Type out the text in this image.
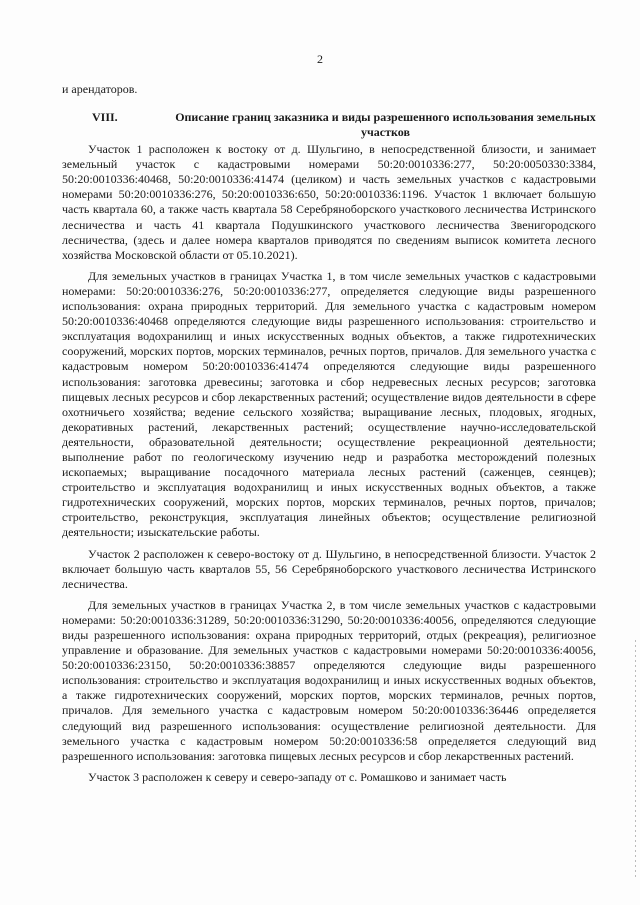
2

и арендаторов.

VIII.	Описание границ заказника и виды разрешенного использования земельных участков

Участок 1 расположен к востоку от д. Шульгино, в непосредственной близости, и занимает земельный участок с кадастровыми номерами 50:20:0010336:277, 50:20:0050330:3384, 50:20:0010336:40468, 50:20:0010336:41474 (целиком) и часть земельных участков с кадастровыми номерами 50:20:0010336:276, 50:20:0010336:650, 50:20:0010336:1196. Участок 1 включает большую часть квартала 60, а также часть квартала 58 Серебряноборского участкового лесничества Истринского лесничества и часть 41 квартала Подушкинского участкового лесничества Звенигородского лесничества, (здесь и далее номера кварталов приводятся по сведениям выписок комитета лесного хозяйства Московской области от 05.10.2021).

Для земельных участков в границах Участка 1, в том числе земельных участков с кадастровыми номерами: 50:20:0010336:276, 50:20:0010336:277, определяется следующие виды разрешенного использования: охрана природных территорий. Для земельного участка с кадастровым номером 50:20:0010336:40468 определяются следующие виды разрешенного использования: строительство и эксплуатация водохранилищ и иных искусственных водных объектов, а также гидротехнических сооружений, морских портов, морских терминалов, речных портов, причалов. Для земельного участка с кадастровым номером 50:20:0010336:41474 определяются следующие виды разрешенного использования: заготовка древесины; заготовка и сбор недревесных лесных ресурсов; заготовка пищевых лесных ресурсов и сбор лекарственных растений; осуществление видов деятельности в сфере охотничьего хозяйства; ведение сельского хозяйства; выращивание лесных, плодовых, ягодных, декоративных растений, лекарственных растений; осуществление научно-исследовательской деятельности, образовательной деятельности; осуществление рекреационной деятельности; выполнение работ по геологическому изучению недр и разработка месторождений полезных ископаемых; выращивание посадочного материала лесных растений (саженцев, сеянцев); строительство и эксплуатация водохранилищ и иных искусственных водных объектов, а также гидротехнических сооружений, морских портов, морских терминалов, речных портов, причалов; строительство, реконструкция, эксплуатация линейных объектов; осуществление религиозной деятельности; изыскательские работы.

Участок 2 расположен к северо-востоку от д. Шульгино, в непосредственной близости. Участок 2 включает большую часть кварталов 55, 56 Серебряноборского участкового лесничества Истринского лесничества.

Для земельных участков в границах Участка 2, в том числе земельных участков с кадастровыми номерами: 50:20:0010336:31289, 50:20:0010336:31290, 50:20:0010336:40056, определяются следующие виды разрешенного использования: охрана природных территорий, отдых (рекреация), религиозное управление и образование. Для земельных участков с кадастровыми номерами 50:20:0010336:40056, 50:20:0010336:23150, 50:20:0010336:38857 определяются следующие виды разрешенного использования: строительство и эксплуатация водохранилищ и иных искусственных водных объектов, а также гидротехнических сооружений, морских портов, морских терминалов, речных портов, причалов. Для земельного участка с кадастровым номером 50:20:0010336:36446 определяется следующий вид разрешенного использования: осуществление религиозной деятельности. Для земельного участка с кадастровым номером 50:20:0010336:58 определяется следующий вид разрешенного использования: заготовка пищевых лесных ресурсов и сбор лекарственных растений.

Участок 3 расположен к северу и северо-западу от с. Ромашково и занимает часть
